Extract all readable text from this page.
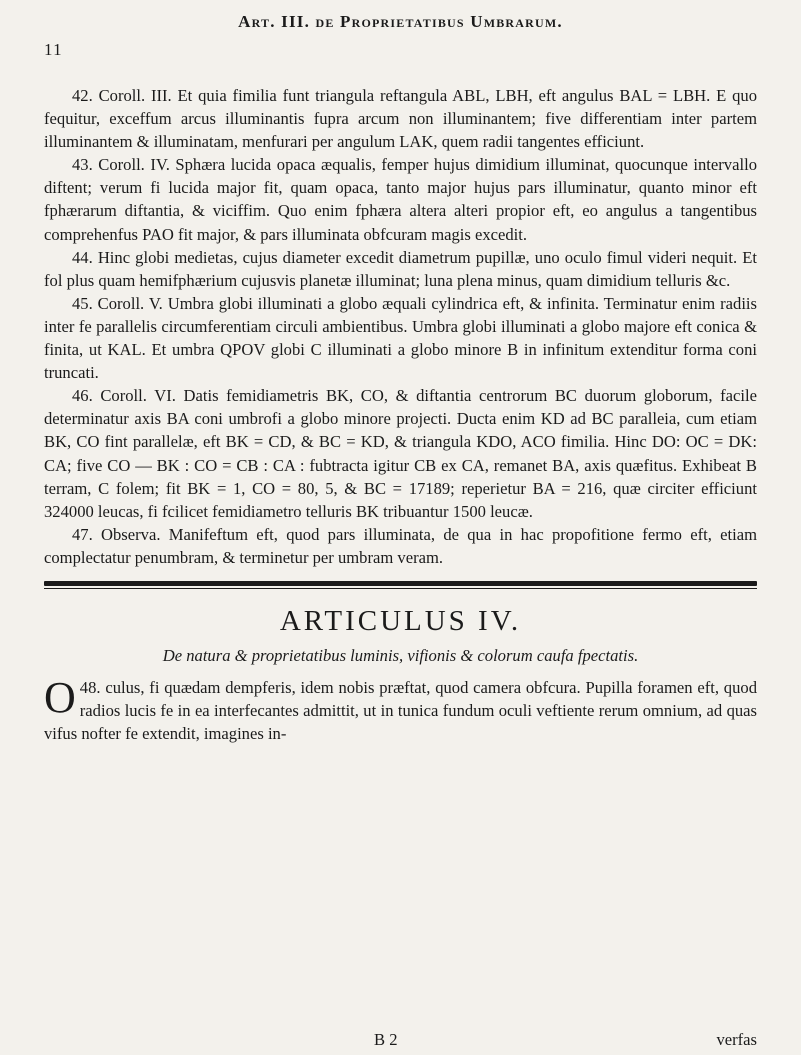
Art. III. de Proprietatibus Umbrarum.
11

42. Coroll. III. Et quia fimilia funt triangula reftangula ABL, LBH, eft angulus BAL = LBH. E quo fequitur, exceffum arcus illuminantis fupra arcum non illuminantem; five differentiam inter partem illuminantem & illuminatam, menfurari per angulum LAK, quem radii tangentes efficiunt.

43. Coroll. IV. Sphæra lucida opaca æqualis, femper hujus dimidium illuminat, quocunque intervallo diftent; verum fi lucida major fit, quam opaca, tanto major hujus pars illuminatur, quanto minor eft fphærarum diftantia, & viciffim. Quo enim fphæra altera alteri propior eft, eo angulus a tangentibus comprehenfus PAO fit major, & pars illuminata obfcuram magis excedit.

44. Hinc globi medietas, cujus diameter excedit diametrum pupillæ, uno oculo fimul videri nequit. Et fol plus quam hemifphærium cujusvis planetæ illuminat; luna plena minus, quam dimidium telluris &c.

45. Coroll. V. Umbra globi illuminati a globo æquali cylindrica eft, & infinita. Terminatur enim radiis inter fe parallelis circumferentiam circuli ambientibus. Umbra globi illuminati a globo majore eft conica & finita, ut KAL. Et umbra QPOV globi C illuminati a globo minore B in infinitum extenditur forma coni truncati.

46. Coroll. VI. Datis femidiametris BK, CO, & diftantia centrorum BC duorum globorum, facile determinatur axis BA coni umbrofi a globo minore projecti. Ducta enim KD ad BC paralleia, cum etiam BK, CO fint parallelæ, eft BK = CD, & BC = KD, & triangula KDO, ACO fimilia. Hinc DO: OC = DK: CA; five CO — BK : CO = CB : CA : fubtracta igitur CB ex CA, remanet BA, axis quæfitus. Exhibeat B terram, C folem; fit BK = 1, CO = 80, 5, & BC = 17189; reperietur BA = 216, quæ circiter efficiunt 324000 leucas, fi fcilicet femidiametro telluris BK tribuantur 1500 leucæ.

47. Observa. Manifeftum eft, quod pars illuminata, de qua in hac propofitione fermo eft, etiam complectatur penumbram, & terminetur per umbram veram.

ARTICULUS IV.
De natura & proprietatibus luminis, vifionis & colorum caufa fpectatis.
48.
O culus, fi quædam dempferis, idem nobis præftat, quod camera obfcura. Pupilla foramen eft, quod radios lucis fe in ea interfecantes admittit, ut in tunica fundum oculi veftiente rerum omnium, ad quas vifus nofter fe extendit, imagines in-
B 2	verfas
